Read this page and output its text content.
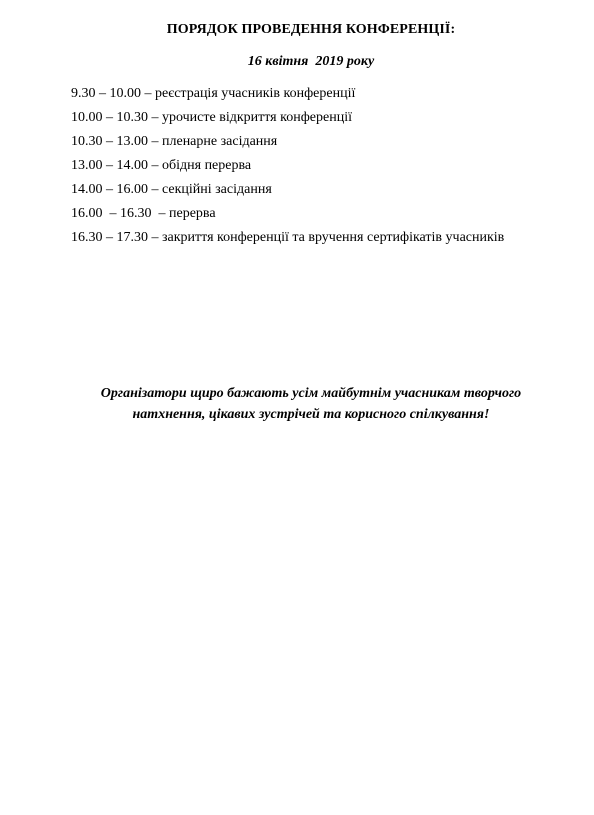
ПОРЯДОК ПРОВЕДЕННЯ КОНФЕРЕНЦІЇ:
16 квітня  2019 року
9.30 – 10.00 – реєстрація учасників конференції
10.00 – 10.30 – урочисте відкриття конференції
10.30 – 13.00 – пленарне засідання
13.00 – 14.00 – обідня перерва
14.00 – 16.00 – секційні засідання
16.00  – 16.30  – перерва
16.30 – 17.30 – закриття конференції та вручення сертифікатів учасників
Організатори щиро бажають усім майбутнім учасникам творчого
натхнення, цікавих зустрічей та корисного спілкування!
